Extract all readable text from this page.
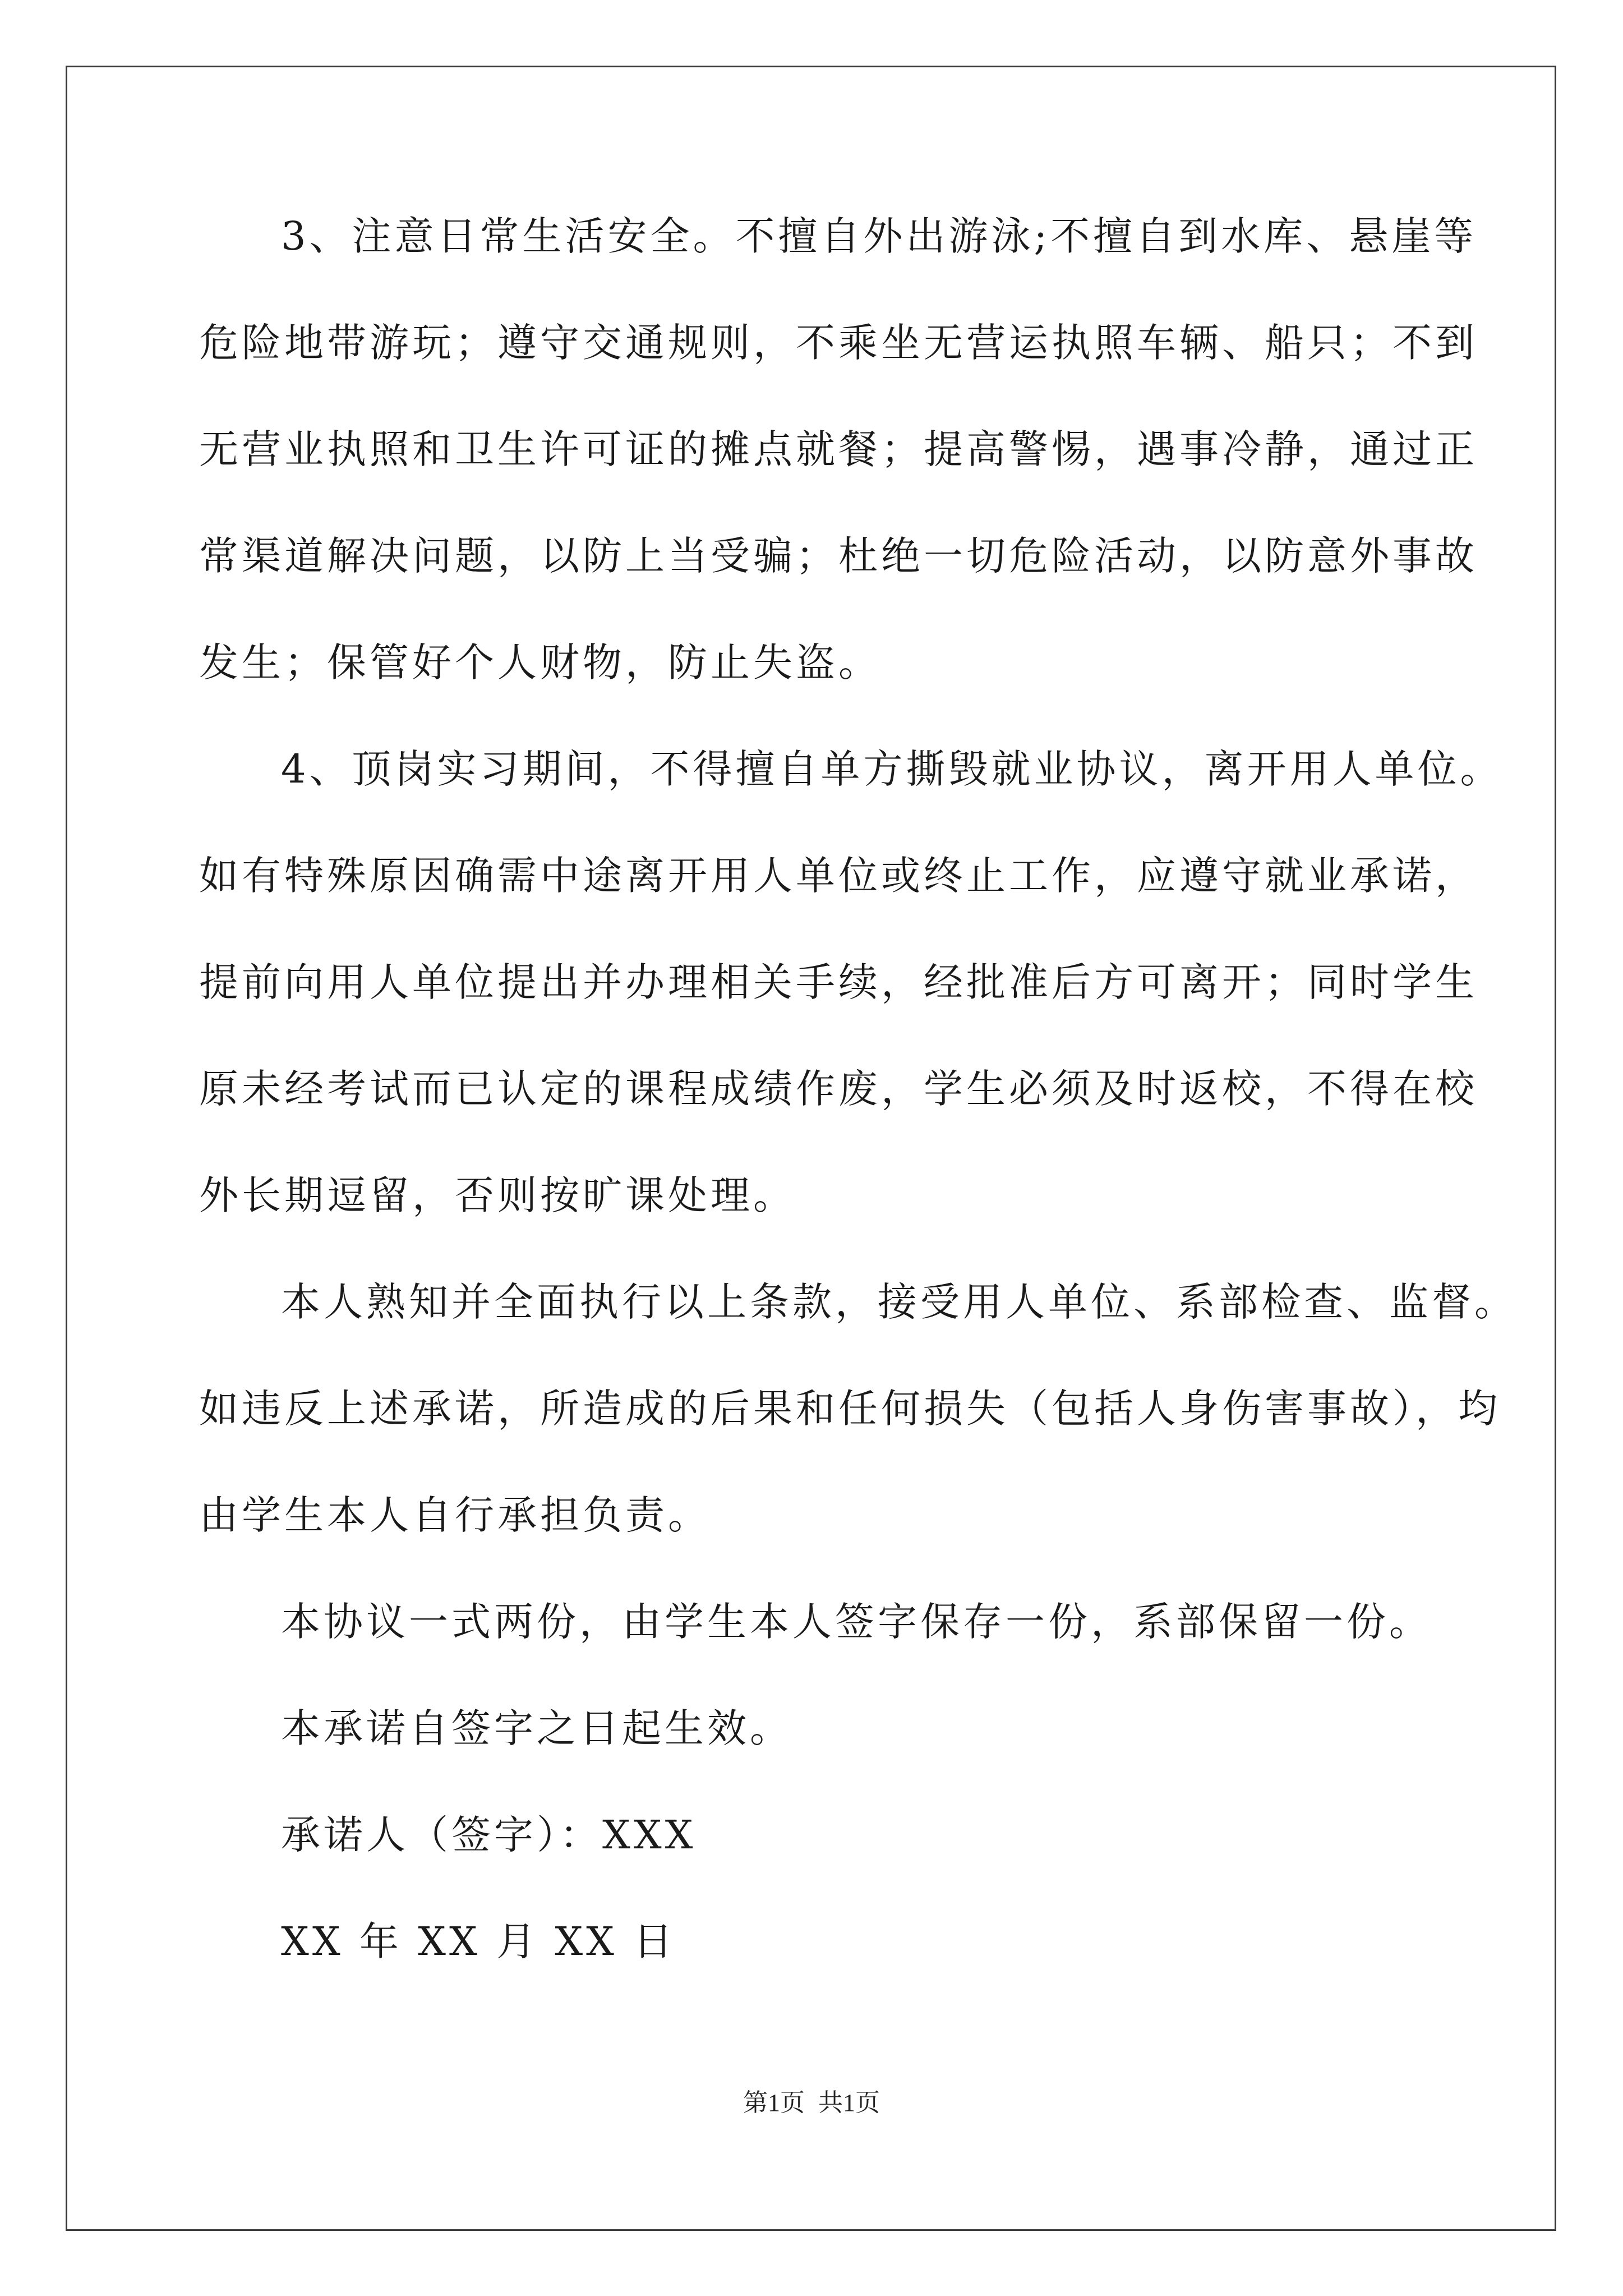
3、注意日常生活安全。不擅自外出游泳;不擅自到水库、悬崖等
危险地带游玩；遵守交通规则，不乘坐无营运执照车辆、船只；不到
无营业执照和卫生许可证的摊点就餐；提高警惕，遇事冷静，通过正
常渠道解决问题，以防上当受骗；杜绝一切危险活动，以防意外事故
发生；保管好个人财物，防止失盗。
4、顶岗实习期间，不得擅自单方撕毁就业协议，离开用人单位。
如有特殊原因确需中途离开用人单位或终止工作，应遵守就业承诺，
提前向用人单位提出并办理相关手续，经批准后方可离开；同时学生
原未经考试而已认定的课程成绩作废，学生必须及时返校，不得在校
外长期逗留，否则按旷课处理。
本人熟知并全面执行以上条款，接受用人单位、系部检查、监督。
如违反上述承诺，所造成的后果和任何损失（包括人身伤害事故），均
由学生本人自行承担负责。
本协议一式两份，由学生本人签字保存一份，系部保留一份。
本承诺自签字之日起生效。
承诺人（签字）：XXX
XX 年 XX 月 XX 日
第1页 共1页
